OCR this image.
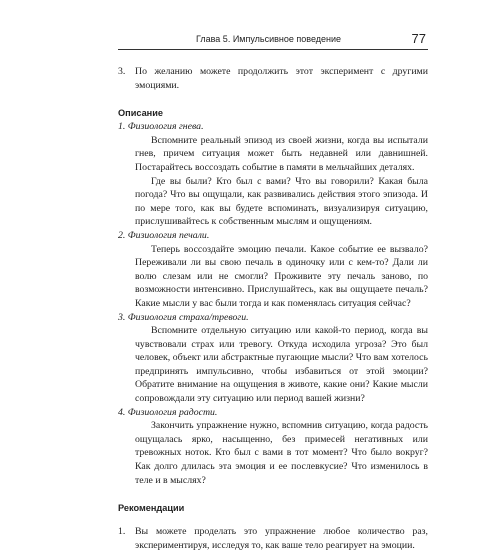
Глава 5. Импульсивное поведение	77
3. По желанию можете продолжить этот эксперимент с другими эмоциями.
Описание

1. Физиология гнева.

Вспомните реальный эпизод из своей жизни, когда вы испытали гнев, причем ситуация может быть недавней или давнишней. Постарайтесь воссоздать событие в памяти в мельчайших деталях.

Где вы были? Кто был с вами? Что вы говорили? Какая была погода? Что вы ощущали, как развивались действия этого эпизода. И по мере того, как вы будете вспоминать, визуализируя ситуацию, прислушивайтесь к собственным мыслям и ощущениям.

2. Физиология печали.

Теперь воссоздайте эмоцию печали. Какое событие ее вызвало? Переживали ли вы свою печаль в одиночку или с кем-то? Дали ли волю слезам или не смогли? Проживите эту печаль заново, по возможности интенсивно. Прислушайтесь, как вы ощущаете печаль? Какие мысли у вас были тогда и как поменялась ситуация сейчас?

3. Физиология страха/тревоги.

Вспомните отдельную ситуацию или какой-то период, когда вы чувствовали страх или тревогу. Откуда исходила угроза? Это был человек, объект или абстрактные пугающие мысли? Что вам хотелось предпринять импульсивно, чтобы избавиться от этой эмоции? Обратите внимание на ощущения в животе, какие они? Какие мысли сопровождали эту ситуацию или период вашей жизни?

4. Физиология радости.

Закончить упражнение нужно, вспомнив ситуацию, когда радость ощущалась ярко, насыщенно, без примесей негативных или тревожных ноток. Кто был с вами в тот момент? Что было вокруг? Как долго длилась эта эмоция и ее послевкусие? Что изменилось в теле и в мыслях?

Рекомендации
1. Вы можете проделать это упражнение любое количество раз, экспериментируя, исследуя то, как ваше тело реагирует на эмоции.
